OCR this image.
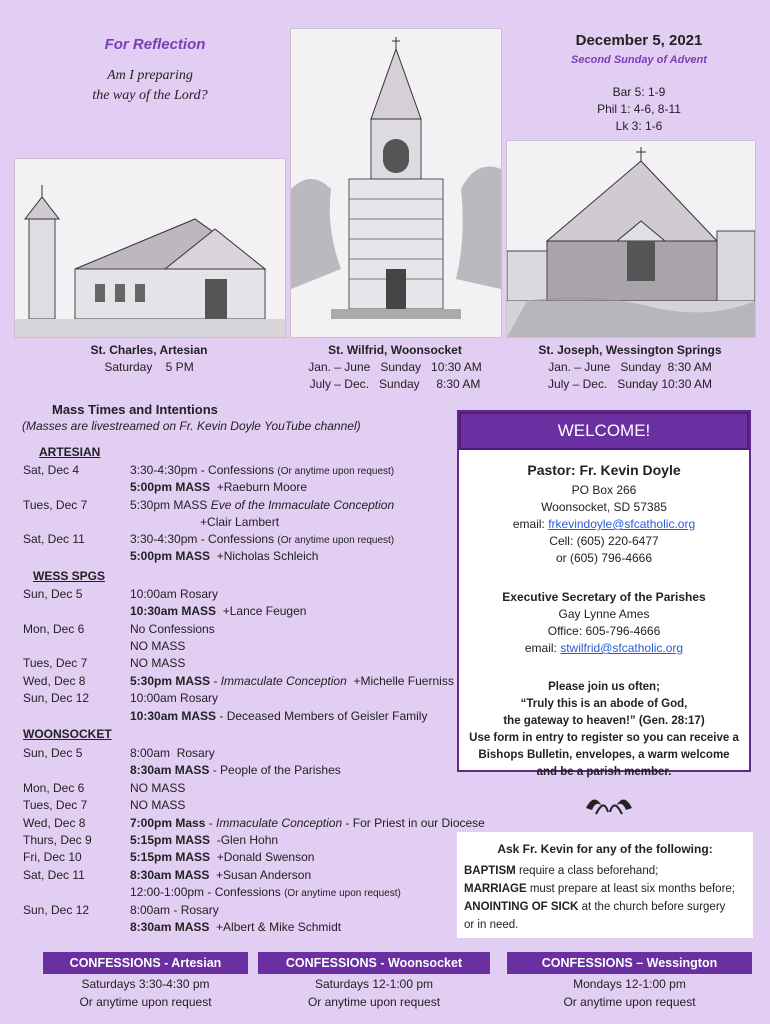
For Reflection
Am I preparing
the way of the Lord?
December 5, 2021
Second Sunday of Advent
Bar 5: 1-9
Phil 1: 4-6, 8-11
Lk 3: 1-6
St. Charles, Artesian
Saturday    5 PM
St. Wilfrid, Woonsocket
Jan. – June   Sunday   10:30 AM
July – Dec.   Sunday     8:30 AM
St. Joseph, Wessington Springs
Jan. – June   Sunday  8:30 AM
July – Dec.   Sunday 10:30 AM
Mass Times and Intentions
(Masses are livestreamed on Fr. Kevin Doyle YouTube channel)
ARTESIAN
Sat, Dec 4	3:30-4:30pm - Confessions (Or anytime upon request)
5:00pm MASS  +Raeburn Moore
Tues, Dec 7	5:30pm MASS Eve of the Immaculate Conception
+Clair Lambert
Sat, Dec 11	3:30-4:30pm - Confessions (Or anytime upon request)
5:00pm MASS  +Nicholas Schleich
WESS SPGS
Sun, Dec 5	10:00am Rosary
10:30am MASS  +Lance Feugen
Mon, Dec 6	No Confessions
NO MASS
Tues, Dec 7	NO MASS
Wed, Dec 8	5:30pm MASS - Immaculate Conception  +Michelle Fuerniss
Sun, Dec 12	10:00am Rosary
10:30am MASS - Deceased Members of Geisler Family
WOONSOCKET
Sun, Dec 5	8:00am  Rosary
8:30am MASS - People of the Parishes
Mon, Dec 6	NO MASS
Tues, Dec 7	NO MASS
Wed, Dec 8	7:00pm Mass - Immaculate Conception - For Priest in our Diocese
Thurs, Dec 9	5:15pm MASS  -Glen Hohn
Fri, Dec 10	5:15pm MASS  +Donald Swenson
Sat, Dec 11	8:30am MASS  +Susan Anderson
12:00-1:00pm - Confessions (Or anytime upon request)
Sun, Dec 12	8:00am - Rosary
8:30am MASS  +Albert & Mike Schmidt
WELCOME!
Pastor: Fr. Kevin Doyle
PO Box 266
Woonsocket, SD 57385
email: frkevindoyle@sfcatholic.org
Cell: (605) 220-6477
or (605) 796-4666
Executive Secretary of the Parishes
Gay Lynne Ames
Office: 605-796-4666
email: stwilfrid@sfcatholic.org
Please join us often;
“Truly this is an abode of God,
the gateway to heaven!” (Gen. 28:17)
Use form in entry to register so you can receive a
Bishops Bulletin, envelopes, a warm welcome
and be a parish member.
Ask Fr. Kevin for any of the following:
BAPTISM require a class beforehand;
MARRIAGE must prepare at least six months before;
ANOINTING OF SICK at the church before surgery
or in need.
CONFESSIONS - Artesian
Saturdays 3:30-4:30 pm
Or anytime upon request
CONFESSIONS - Woonsocket
Saturdays 12-1:00 pm
Or anytime upon request
CONFESSIONS – Wessington
Mondays 12-1:00 pm
Or anytime upon request
